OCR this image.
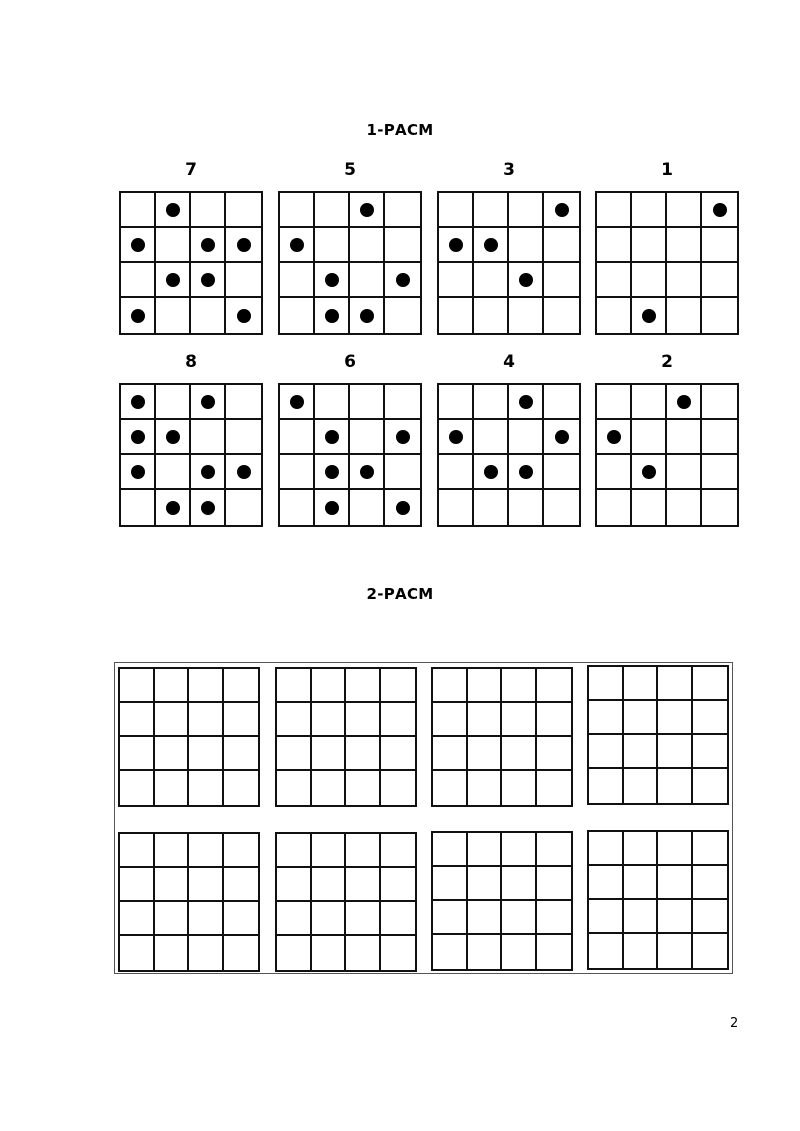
1-РАСМ
7	5	3	1
8	6	4	2
2-РАСМ
2
